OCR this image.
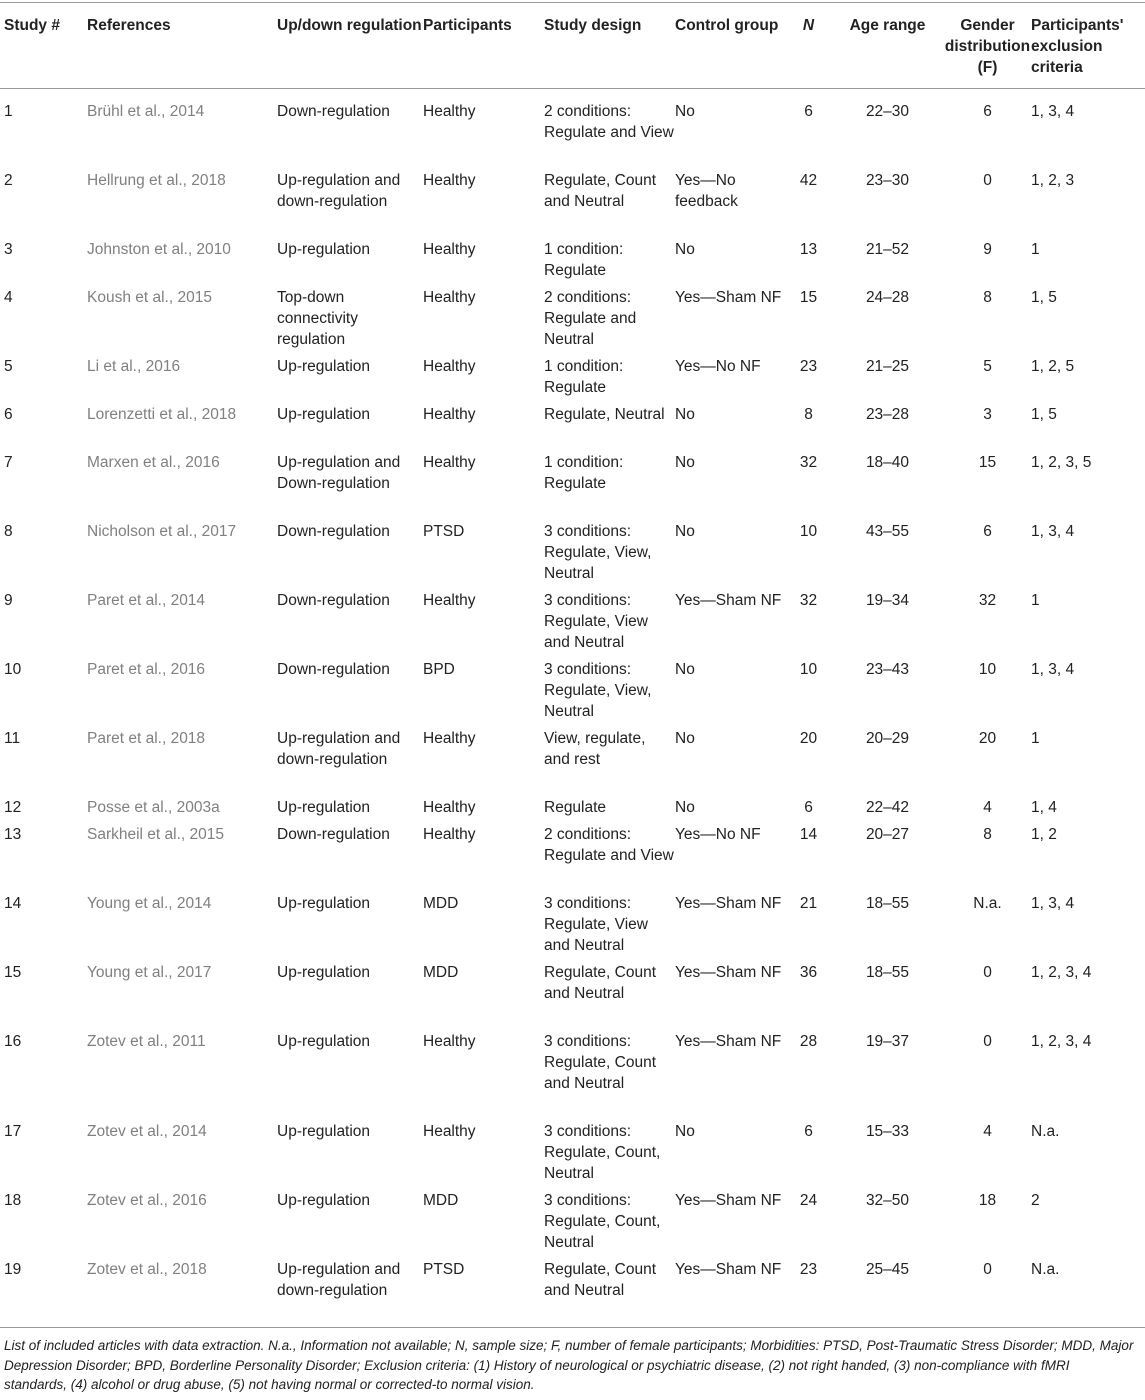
Study #	References	Up/down regulation	Participants	Study design	Control group	N	Age range	Gender distribution (F)	Participants' exclusion criteria
1	Brühl et al., 2014	Down-regulation	Healthy	2 conditions: Regulate and View	No	6	22–30	6	1, 3, 4
2	Hellrung et al., 2018	Up-regulation and down-regulation	Healthy	Regulate, Count and Neutral	Yes—No feedback	42	23–30	0	1, 2, 3
3	Johnston et al., 2010	Up-regulation	Healthy	1 condition: Regulate	No	13	21–52	9	1
4	Koush et al., 2015	Top-down connectivity regulation	Healthy	2 conditions: Regulate and Neutral	Yes—Sham NF	15	24–28	8	1, 5
5	Li et al., 2016	Up-regulation	Healthy	1 condition: Regulate	Yes—No NF	23	21–25	5	1, 2, 5
6	Lorenzetti et al., 2018	Up-regulation	Healthy	Regulate, Neutral	No	8	23–28	3	1, 5
7	Marxen et al., 2016	Up-regulation and Down-regulation	Healthy	1 condition: Regulate	No	32	18–40	15	1, 2, 3, 5
8	Nicholson et al., 2017	Down-regulation	PTSD	3 conditions: Regulate, View, Neutral	No	10	43–55	6	1, 3, 4
9	Paret et al., 2014	Down-regulation	Healthy	3 conditions: Regulate, View and Neutral	Yes—Sham NF	32	19–34	32	1
10	Paret et al., 2016	Down-regulation	BPD	3 conditions: Regulate, View, Neutral	No	10	23–43	10	1, 3, 4
11	Paret et al., 2018	Up-regulation and down-regulation	Healthy	View, regulate, and rest	No	20	20–29	20	1
12	Posse et al., 2003a	Up-regulation	Healthy	Regulate	No	6	22–42	4	1, 4
13	Sarkheil et al., 2015	Down-regulation	Healthy	2 conditions: Regulate and View	Yes—No NF	14	20–27	8	1, 2
14	Young et al., 2014	Up-regulation	MDD	3 conditions: Regulate, View and Neutral	Yes—Sham NF	21	18–55	N.a.	1, 3, 4
15	Young et al., 2017	Up-regulation	MDD	Regulate, Count and Neutral	Yes—Sham NF	36	18–55	0	1, 2, 3, 4
16	Zotev et al., 2011	Up-regulation	Healthy	3 conditions: Regulate, Count and Neutral	Yes—Sham NF	28	19–37	0	1, 2, 3, 4
17	Zotev et al., 2014	Up-regulation	Healthy	3 conditions: Regulate, Count, Neutral	No	6	15–33	4	N.a.
18	Zotev et al., 2016	Up-regulation	MDD	3 conditions: Regulate, Count, Neutral	Yes—Sham NF	24	32–50	18	2
19	Zotev et al., 2018	Up-regulation and down-regulation	PTSD	Regulate, Count and Neutral	Yes—Sham NF	23	25–45	0	N.a.
List of included articles with data extraction. N.a., Information not available; N, sample size; F, number of female participants; Morbidities: PTSD, Post-Traumatic Stress Disorder; MDD, Major Depression Disorder; BPD, Borderline Personality Disorder; Exclusion criteria: (1) History of neurological or psychiatric disease, (2) not right handed, (3) non-compliance with fMRI standards, (4) alcohol or drug abuse, (5) not having normal or corrected-to normal vision.
